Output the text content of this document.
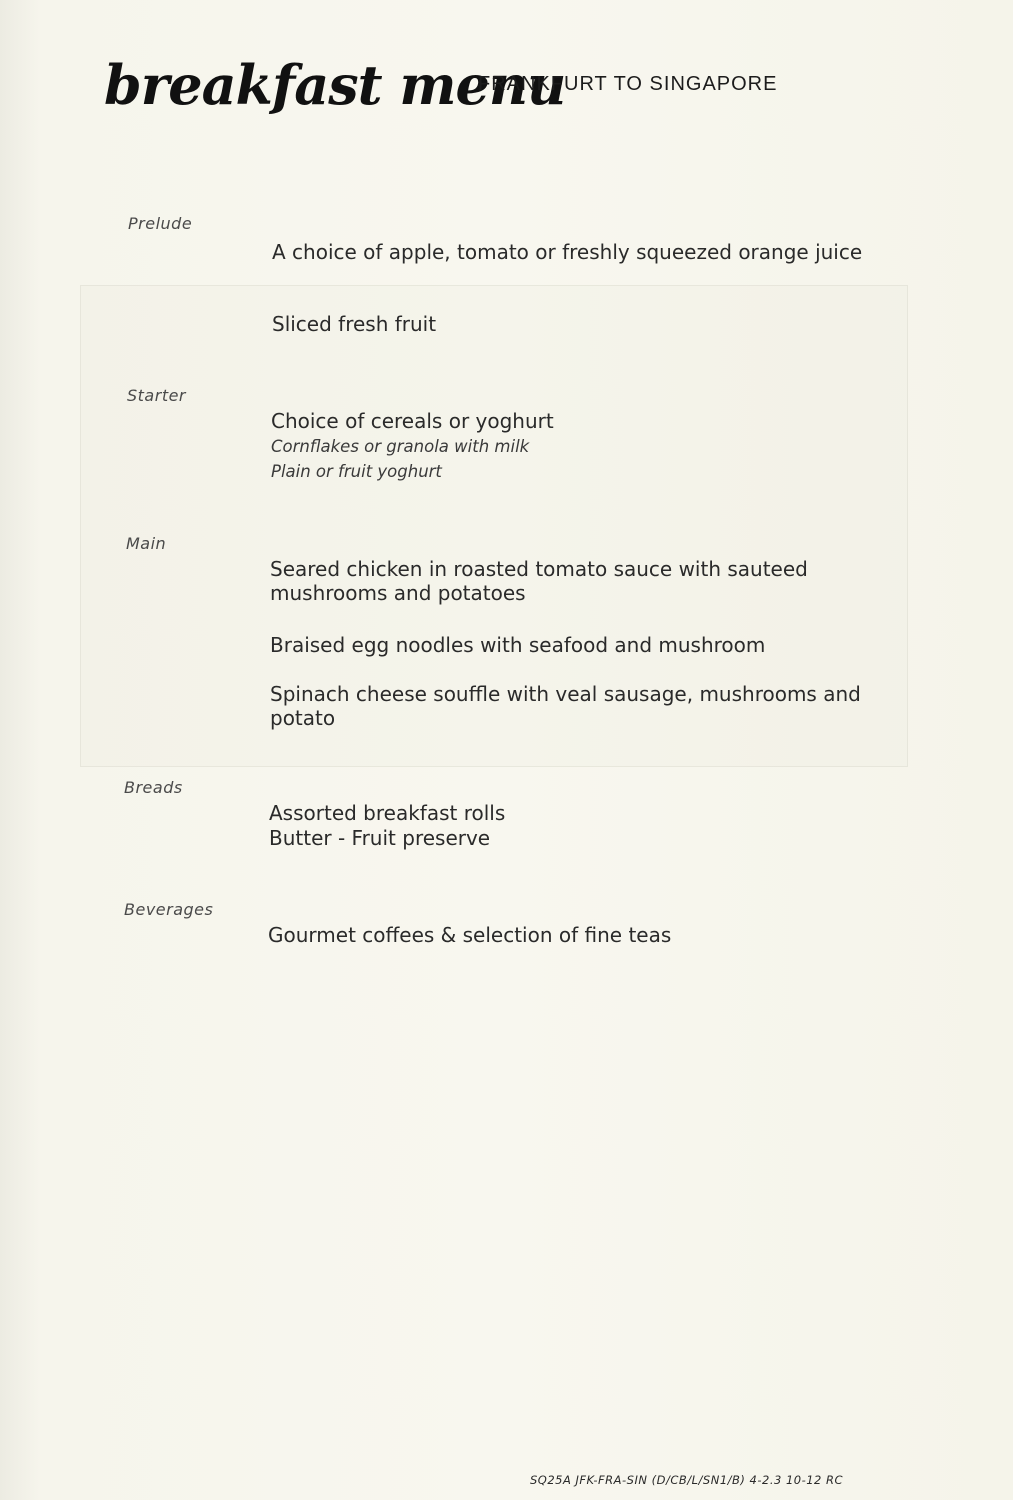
breakfast menu
FRANKFURT TO SINGAPORE
Prelude
A choice of apple, tomato or freshly squeezed orange juice
Sliced fresh fruit
Starter
Choice of cereals or yoghurt
Cornflakes or granola with milk
Plain or fruit yoghurt
Main
Seared chicken in roasted tomato sauce with sauteed mushrooms and potatoes
Braised egg noodles with seafood and mushroom
Spinach cheese souffle with veal sausage, mushrooms and potato
Breads
Assorted breakfast rolls
Butter - Fruit preserve
Beverages
Gourmet coffees & selection of fine teas
SQ25A JFK-FRA-SIN (D/CB/L/SN1/B) 4-2.3 10-12 RC
